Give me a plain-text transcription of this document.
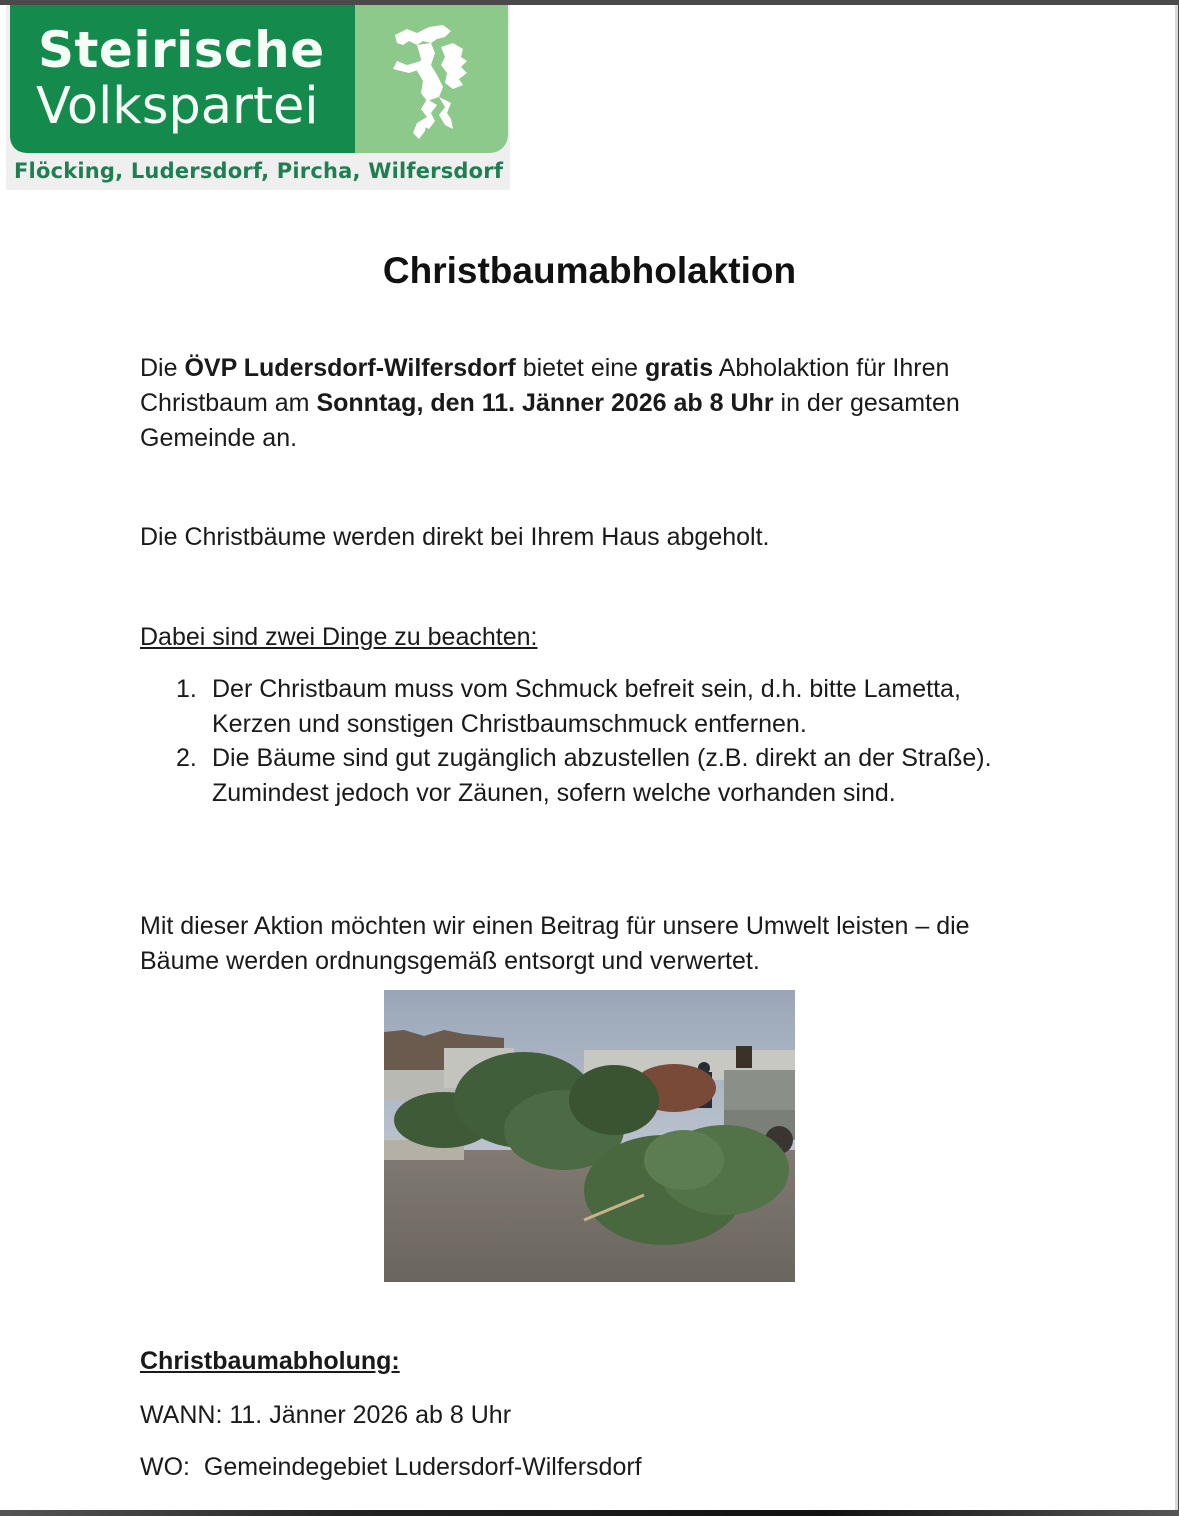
Steirische
Volkspartei
Flöcking, Ludersdorf, Pircha, Wilfersdorf
Christbaumabholaktion
Die ÖVP Ludersdorf-Wilfersdorf bietet eine gratis Abholaktion für Ihren Christbaum am Sonntag, den 11. Jänner 2026 ab 8 Uhr in der gesamten Gemeinde an.
Die Christbäume werden direkt bei Ihrem Haus abgeholt.
Dabei sind zwei Dinge zu beachten:
1. Der Christbaum muss vom Schmuck befreit sein, d.h. bitte Lametta, Kerzen und sonstigen Christbaumschmuck entfernen.
2. Die Bäume sind gut zugänglich abzustellen (z.B. direkt an der Straße). Zumindest jedoch vor Zäunen, sofern welche vorhanden sind.
Mit dieser Aktion möchten wir einen Beitrag für unsere Umwelt leisten – die Bäume werden ordnungsgemäß entsorgt und verwertet.
Christbaumabholung:
WANN: 11. Jänner 2026 ab 8 Uhr
WO: Gemeindegebiet Ludersdorf-Wilfersdorf
